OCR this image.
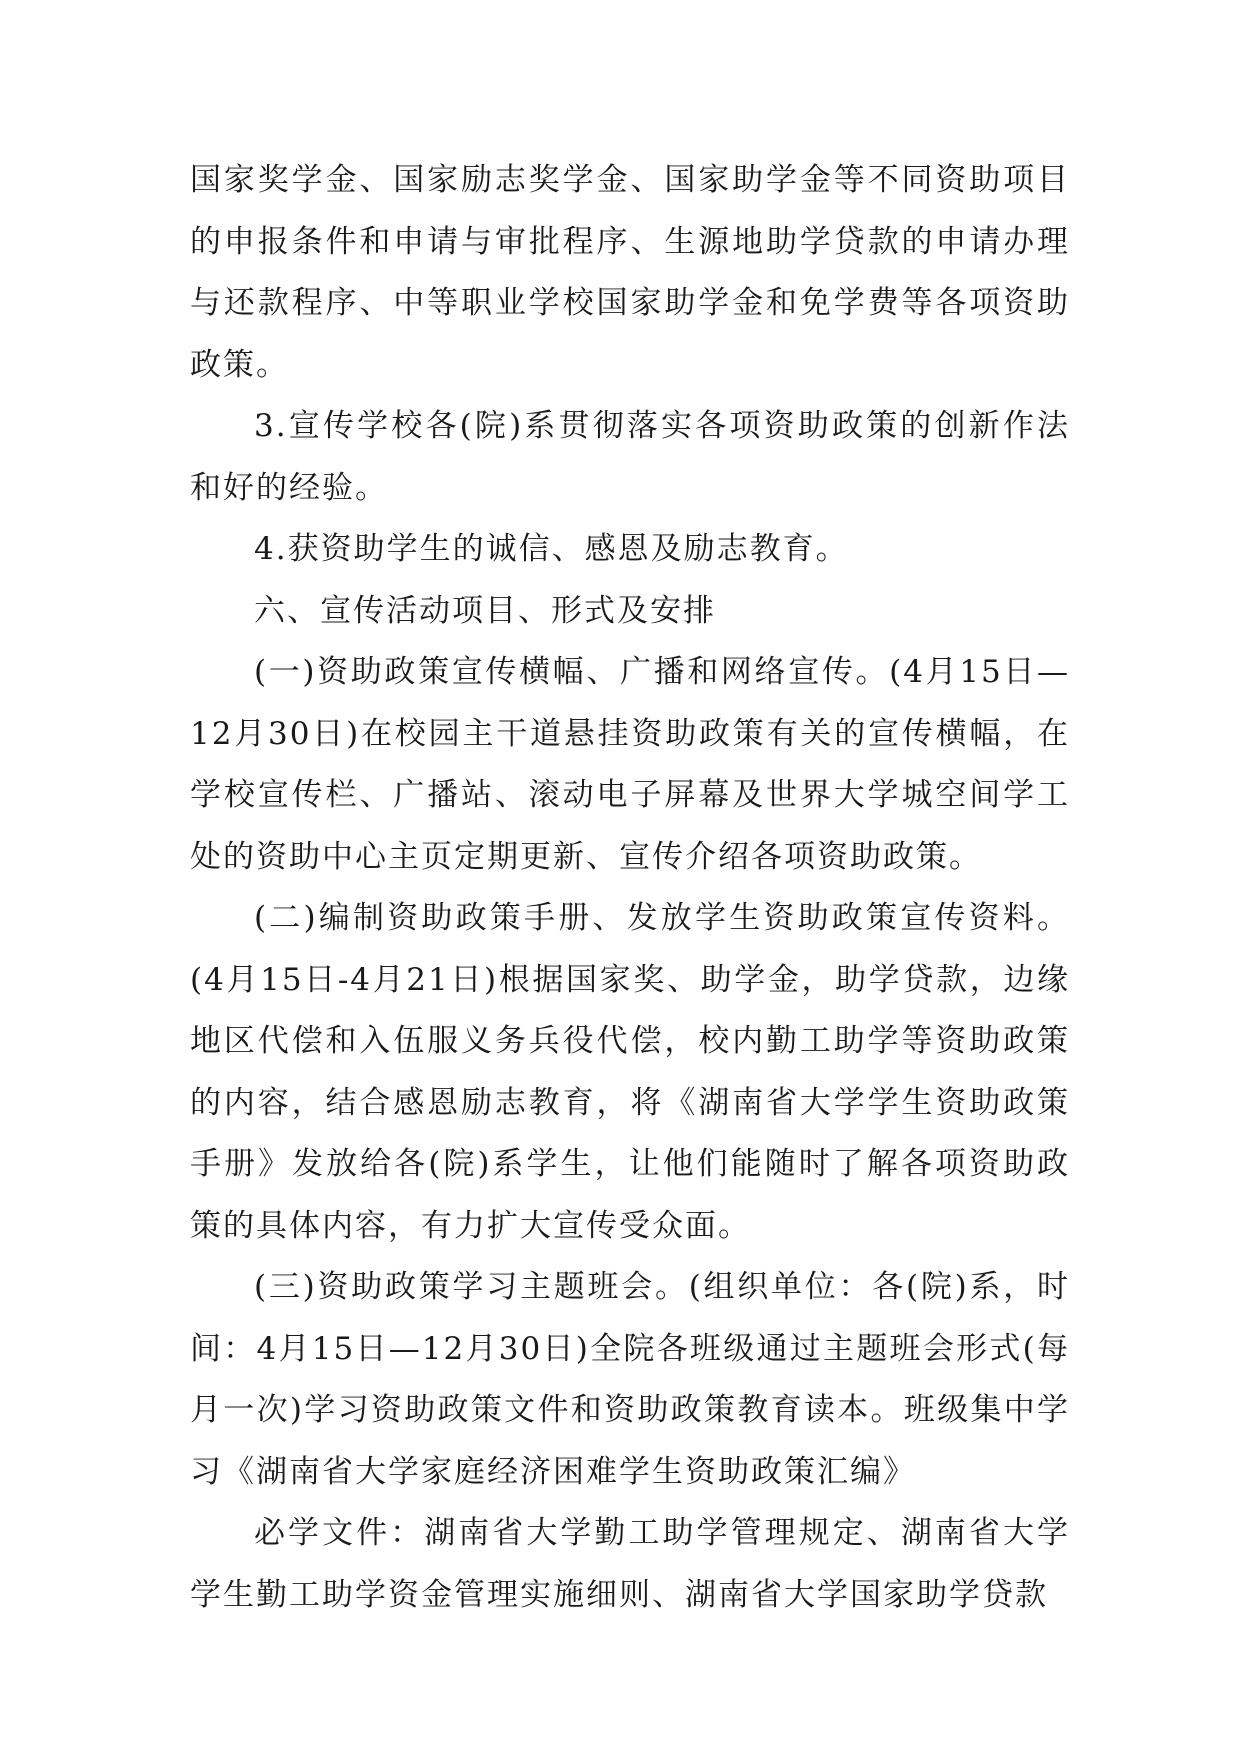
国家奖学金、国家励志奖学金、国家助学金等不同资助项目的申报条件和申请与审批程序、生源地助学贷款的申请办理与还款程序、中等职业学校国家助学金和免学费等各项资助政策。

3.宣传学校各(院)系贯彻落实各项资助政策的创新作法和好的经验。

4.获资助学生的诚信、感恩及励志教育。

六、宣传活动项目、形式及安排

(一)资助政策宣传横幅、广播和网络宣传。(4月15日—12月30日)在校园主干道悬挂资助政策有关的宣传横幅，在学校宣传栏、广播站、滚动电子屏幕及世界大学城空间学工处的资助中心主页定期更新、宣传介绍各项资助政策。

(二)编制资助政策手册、发放学生资助政策宣传资料。(4月15日-4月21日)根据国家奖、助学金，助学贷款，边缘地区代偿和入伍服义务兵役代偿，校内勤工助学等资助政策的内容，结合感恩励志教育，将《湖南省大学学生资助政策手册》发放给各(院)系学生，让他们能随时了解各项资助政策的具体内容，有力扩大宣传受众面。

(三)资助政策学习主题班会。(组织单位：各(院)系，时间：4月15日—12月30日)全院各班级通过主题班会形式(每月一次)学习资助政策文件和资助政策教育读本。班级集中学习《湖南省大学家庭经济困难学生资助政策汇编》

必学文件：湖南省大学勤工助学管理规定、湖南省大学学生勤工助学资金管理实施细则、湖南省大学国家助学贷款
